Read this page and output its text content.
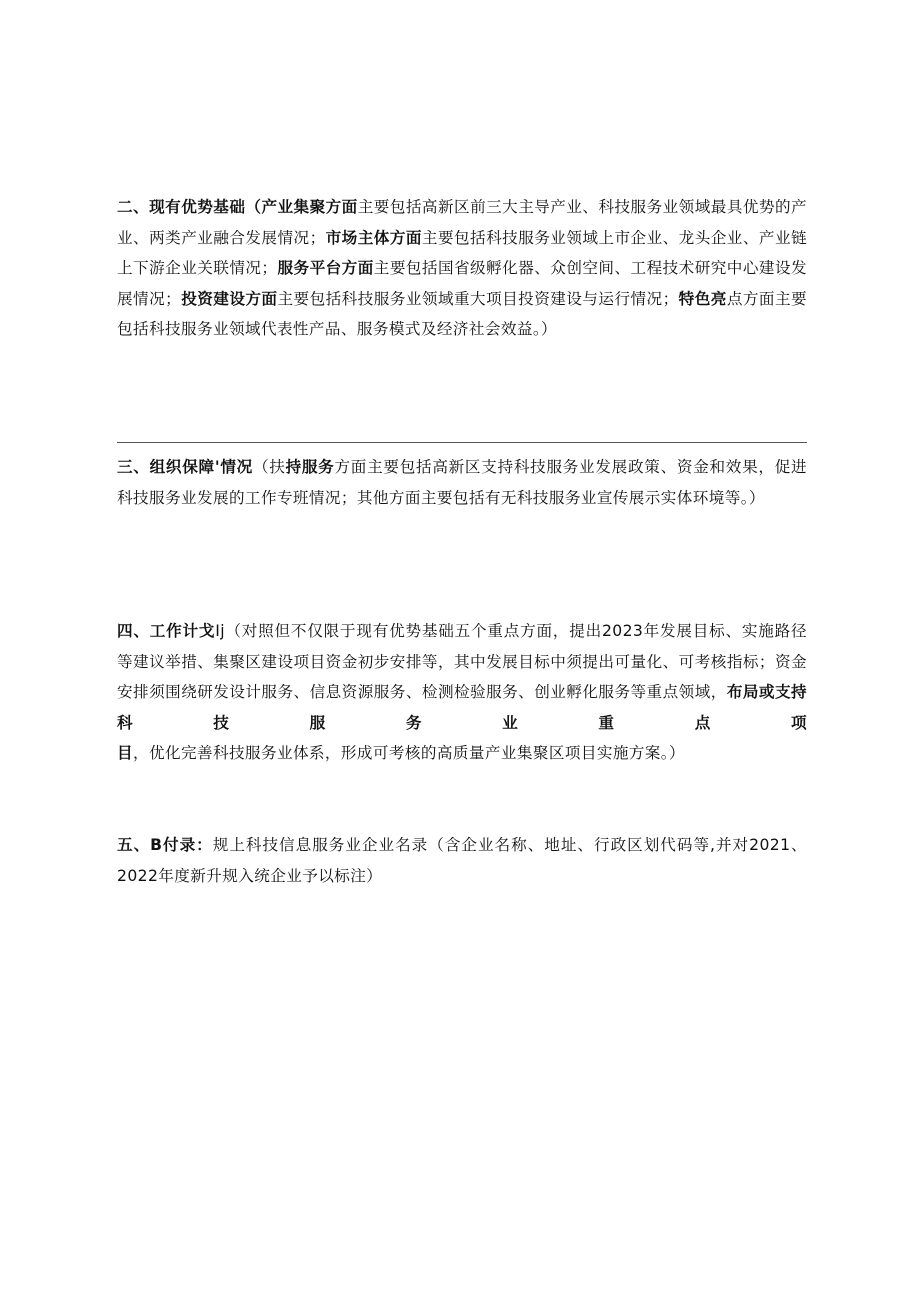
二、现有优势基础（产业集聚方面主要包括高新区前三大主导产业、科技服务业领域最具优势的产业、两类产业融合发展情况；市场主体方面主要包括科技服务业领域上市企业、龙头企业、产业链上下游企业关联情况；服务平台方面主要包括国省级孵化器、众创空间、工程技术研究中心建设发展情况；投资建设方面主要包括科技服务业领域重大项目投资建设与运行情况；特色亮点方面主要包括科技服务业领域代表性产品、服务模式及经济社会效益。）

三、组织保障'情况（扶持服务方面主要包括高新区支持科技服务业发展政策、资金和效果，促进科技服务业发展的工作专班情况；其他方面主要包括有无科技服务业宣传展示实体环境等。）

四、工作计戈Ij（对照但不仅限于现有优势基础五个重点方面，提出2023年发展目标、实施路径等建议举措、集聚区建设项目资金初步安排等，其中发展目标中须提出可量化、可考核指标；资金安排须围绕研发设计服务、信息资源服务、检测检验服务、创业孵化服务等重点领域，布局或支持科技服务业重点项目，优化完善科技服务业体系，形成可考核的高质量产业集聚区项目实施方案。）

五、B付录：规上科技信息服务业企业名录（含企业名称、地址、行政区划代码等,并对2021、2022年度新升规入统企业予以标注）
